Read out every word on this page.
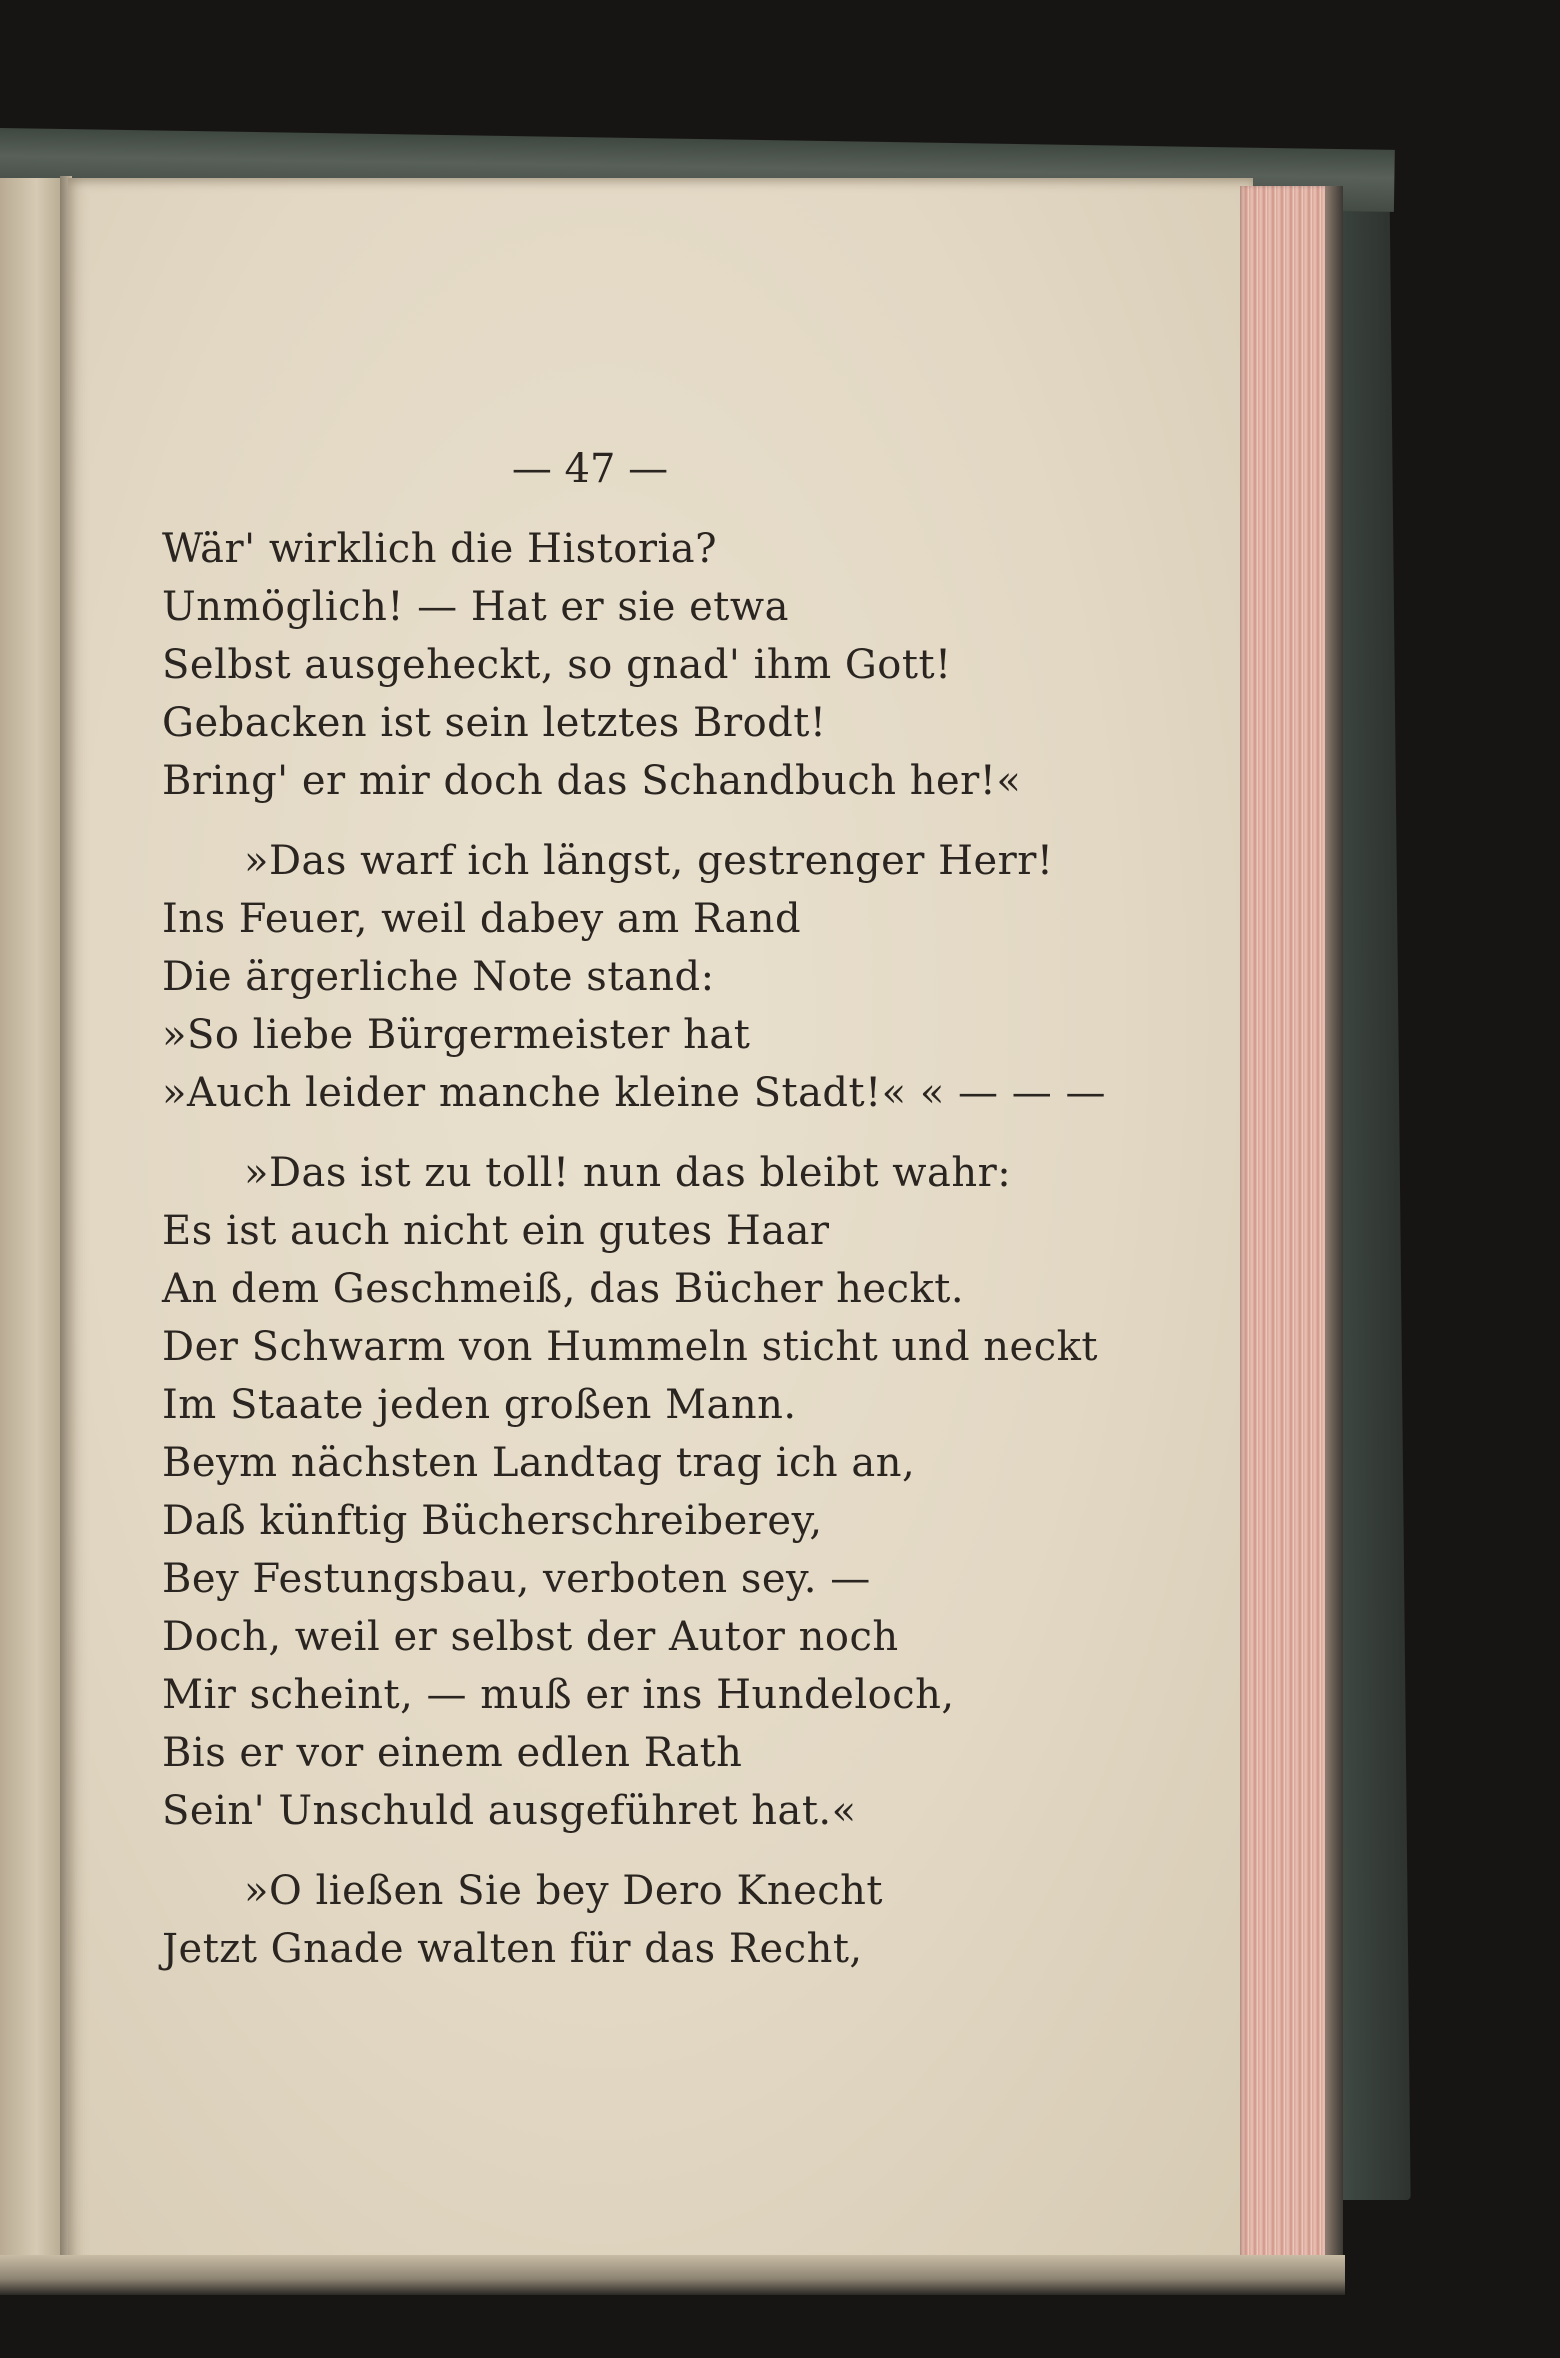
— 47 —
Wär' wirklich die Historia?
Unmöglich! — Hat er sie etwa
Selbst ausgeheckt, so gnad' ihm Gott!
Gebacken ist sein letztes Brodt!
Bring' er mir doch das Schandbuch her!«
»Das warf ich längst, gestrenger Herr!
Ins Feuer, weil dabey am Rand
Die ärgerliche Note stand:
»So liebe Bürgermeister hat
»Auch leider manche kleine Stadt!« « — — —
»Das ist zu toll! nun das bleibt wahr:
Es ist auch nicht ein gutes Haar
An dem Geschmeiß, das Bücher heckt.
Der Schwarm von Hummeln sticht und neckt
Im Staate jeden großen Mann.
Beym nächsten Landtag trag ich an,
Daß künftig Bücherschreiberey,
Bey Festungsbau, verboten sey. —
Doch, weil er selbst der Autor noch
Mir scheint, — muß er ins Hundeloch,
Bis er vor einem edlen Rath
Sein' Unschuld ausgeführet hat.«
»O ließen Sie bey Dero Knecht
Jetzt Gnade walten für das Recht,
